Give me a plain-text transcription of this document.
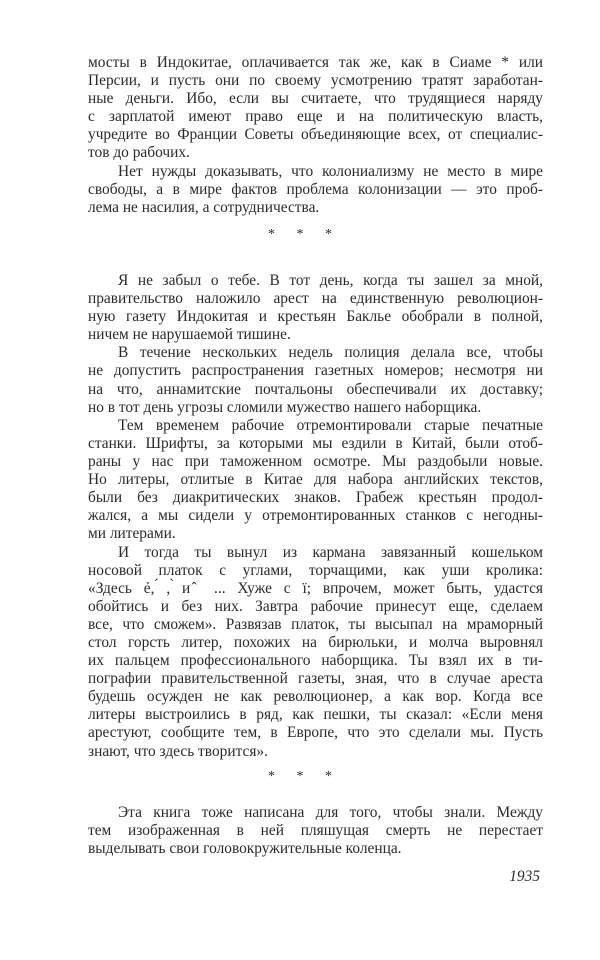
мосты в Индокитае, оплачивается так же, как в Сиаме * или
Персии, и пусть они по своему усмотрению тратят заработан-
ные деньги. Ибо, если вы считаете, что трудящиеся наряду
с зарплатой имеют право еще и на политическую власть,
учредите во Франции Советы объединяющие всех, от специалис-
тов до рабочих.
Нет нужды доказывать, что колониализму не место в мире
свободы, а в мире фактов проблема колонизации — это проб-
лема не насилия, а сотрудничества.
* * *
Я не забыл о тебе. В тот день, когда ты зашел за мной,
правительство наложило арест на единственную революцион-
ную газету Индокитая и крестьян Баклье обобрали в полной,
ничем не нарушаемой тишине.
В течение нескольких недель полиция делала все, чтобы
не допустить распространения газетных номеров; несмотря ни
на что, аннамитские почтальоны обеспечивали их доставку;
но в тот день угрозы сломили мужество нашего наборщика.
Тем временем рабочие отремонтировали старые печатные
станки. Шрифты, за которыми мы ездили в Китай, были отоб-
раны у нас при таможенном осмотре. Мы раздобыли новые.
Но литеры, отлитые в Китае для набора английских текстов,
были без диакритических знаков. Грабеж крестьян продол-
жался, а мы сидели у отремонтированных станков с негодны-
ми литерами.
И тогда ты вынул из кармана завязанный кошельком
носовой платок с углами, торчащими, как уши кролика:
«Здесь ẻ, ́, ̀и ̂ ... Хуже с ï; впрочем, может быть, удастся
обойтись и без них. Завтра рабочие принесут еще, сделаем
все, что сможем». Развязав платок, ты высыпал на мраморный
стол горсть литер, похожих на бирюльки, и молча выровнял
их пальцем профессионального наборщика. Ты взял их в ти-
пографии правительственной газеты, зная, что в случае ареста
будешь осужден не как революционер, а как вор. Когда все
литеры выстроились в ряд, как пешки, ты сказал: «Если меня
арестуют, сообщите тем, в Европе, что это сделали мы. Пусть
знают, что здесь творится».
* * *
Эта книга тоже написана для того, чтобы знали. Между
тем изображенная в ней пляшущая смерть не перестает
выделывать свои головокружительные коленца.
1935
